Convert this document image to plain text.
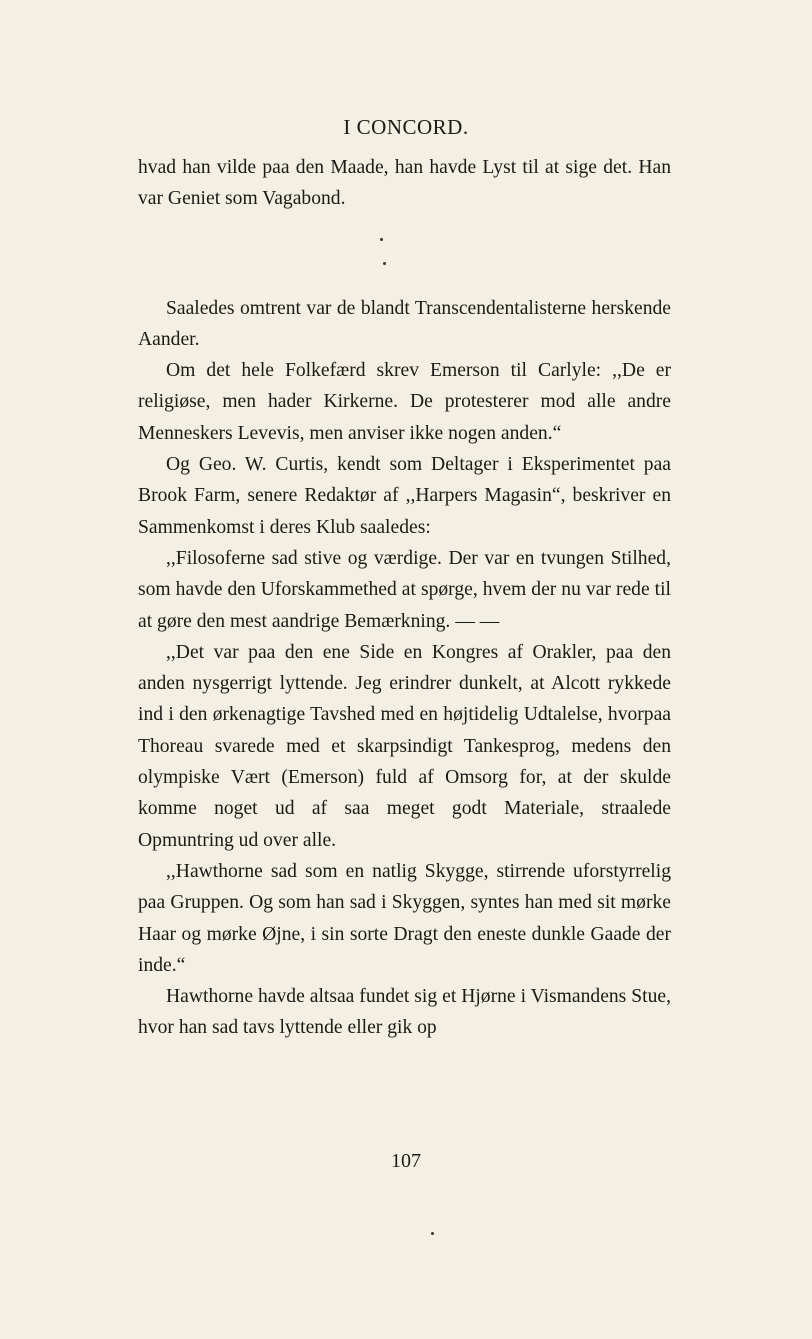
I CONCORD.

hvad han vilde paa den Maade, han havde Lyst til at sige det. Han var Geniet som Vagabond.

Saaledes omtrent var de blandt Transcendentalisterne herskende Aander.

Om det hele Folkefærd skrev Emerson til Carlyle: ,,De er religiøse, men hader Kirkerne. De protesterer mod alle andre Menneskers Levevis, men anviser ikke nogen anden.“

Og Geo. W. Curtis, kendt som Deltager i Eksperimentet paa Brook Farm, senere Redaktør af ,,Harpers Magasin“, beskriver en Sammenkomst i deres Klub saaledes:

,,Filosoferne sad stive og værdige. Der var en tvungen Stilhed, som havde den Uforskammethed at spørge, hvem der nu var rede til at gøre den mest aandrige Bemærkning. — —

,,Det var paa den ene Side en Kongres af Orakler, paa den anden nysgerrigt lyttende. Jeg erindrer dunkelt, at Alcott rykkede ind i den ørkenagtige Tavshed med en højtidelig Udtalelse, hvorpaa Thoreau svarede med et skarpsindigt Tankesprog, medens den olympiske Vært (Emerson) fuld af Omsorg for, at der skulde komme noget ud af saa meget godt Materiale, straalede Opmuntring ud over alle.

,,Hawthorne sad som en natlig Skygge, stirrende uforstyrrelig paa Gruppen. Og som han sad i Skyggen, syntes han med sit mørke Haar og mørke Øjne, i sin sorte Dragt den eneste dunkle Gaade der inde.“

Hawthorne havde altsaa fundet sig et Hjørne i Vismandens Stue, hvor han sad tavs lyttende eller gik op

107
